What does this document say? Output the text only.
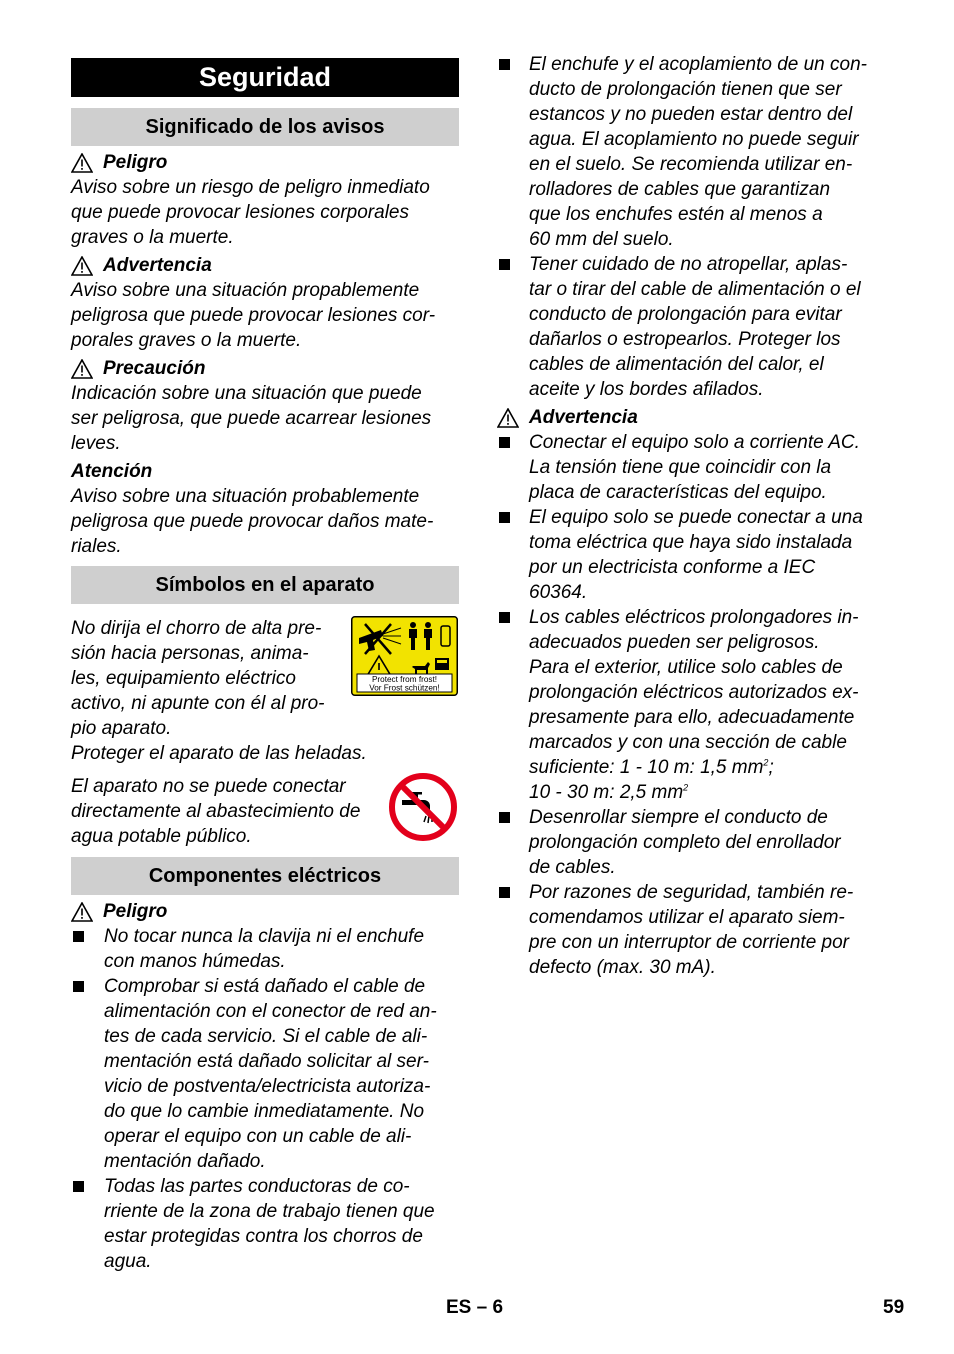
Seguridad
Significado de los avisos
Peligro
Aviso sobre un riesgo de peligro inmediato
que puede provocar lesiones corporales
graves o la muerte.
Advertencia
Aviso sobre una situación propablemente
peligrosa que puede provocar lesiones cor-
porales graves o la muerte.
Precaución
Indicación sobre una situación que puede
ser peligrosa, que puede acarrear lesiones
leves.
Atención
Aviso sobre una situación probablemente
peligrosa que puede provocar daños mate-
riales.
Símbolos en el aparato
Protect from frost!
Vor Frost schützen!
No dirija el chorro de alta pre-
sión hacia personas, anima-
les, equipamiento eléctrico
activo, ni apunte con él al pro-
pio aparato.
Proteger el aparato de las heladas.
El aparato no se puede conectar
directamente al abastecimiento de
agua potable público.
Componentes eléctricos
Peligro
No tocar nunca la clavija ni el enchufe
con manos húmedas.
Comprobar si está dañado el cable de
alimentación con el conector de red an-
tes de cada servicio. Si el cable de ali-
mentación está dañado solicitar al ser-
vicio de postventa/electricista autoriza-
do que lo cambie inmediatamente. No
operar el equipo con un cable de ali-
mentación dañado.
Todas las partes conductoras de co-
rriente de la zona de trabajo tienen que
estar protegidas contra los chorros de
agua.
El enchufe y el acoplamiento de un con-
ducto de prolongación tienen que ser
estancos y no pueden estar dentro del
agua. El acoplamiento no puede seguir
en el suelo. Se recomienda utilizar en-
rolladores de cables que garantizan
que los enchufes estén al menos a
60 mm del suelo.
Tener cuidado de no atropellar, aplas-
tar o tirar del cable de alimentación o el
conducto de prolongación para evitar
dañarlos o estropearlos. Proteger los
cables de alimentación del calor, el
aceite y los bordes afilados.
Advertencia
Conectar el equipo solo a corriente AC.
La tensión tiene que coincidir con la
placa de características del equipo.
El equipo solo se puede conectar a una
toma eléctrica que haya sido instalada
por un electricista conforme a IEC
60364.
Los cables eléctricos prolongadores in-
adecuados pueden ser peligrosos.
Para el exterior, utilice solo cables de
prolongación eléctricos autorizados ex-
presamente para ello, adecuadamente
marcados y con una sección de cable
suficiente: 1 - 10 m: 1,5 $mm^2$;
10 - 30 m: 2,5 $mm^2$
Desenrollar siempre el conducto de
prolongación completo del enrollador
de cables.
Por razones de seguridad, también re-
comendamos utilizar el aparato siem-
pre con un interruptor de corriente por
defecto (max. 30 mA).
ES – 6	59
